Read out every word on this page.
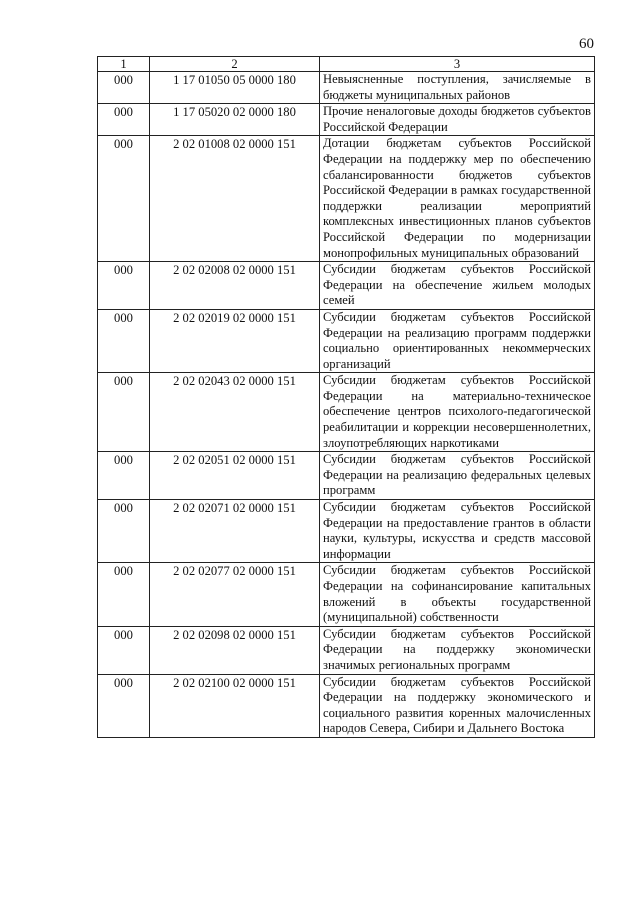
60
1	2	3
000	1 17 01050 05 0000 180	Невыясненные поступления, зачисляемые в бюджеты муниципальных районов
000	1 17 05020 02 0000 180	Прочие неналоговые доходы бюджетов субъектов Российской Федерации
000	2 02 01008 02 0000 151	Дотации бюджетам субъектов Российской Федерации на поддержку мер по обеспечению сбалансированности бюджетов субъектов Российской Федерации в рамках государственной поддержки реализации мероприятий комплексных инвестиционных планов субъектов Российской Федерации по модернизации монопрофильных муниципальных образований
000	2 02 02008 02 0000 151	Субсидии бюджетам субъектов Российской Федерации на обеспечение жильем молодых семей
000	2 02 02019 02 0000 151	Субсидии бюджетам субъектов Российской Федерации на реализацию программ поддержки социально ориентированных некоммерческих организаций
000	2 02 02043 02 0000 151	Субсидии бюджетам субъектов Российской Федерации на материально-техническое обеспечение центров психолого-педагогической реабилитации и коррекции несовершеннолетних, злоупотребляющих наркотиками
000	2 02 02051 02 0000 151	Субсидии бюджетам субъектов Российской Федерации на реализацию федеральных целевых программ
000	2 02 02071 02 0000 151	Субсидии бюджетам субъектов Российской Федерации на предоставление грантов в области науки, культуры, искусства и средств массовой информации
000	2 02 02077 02 0000 151	Субсидии бюджетам субъектов Российской Федерации на софинансирование капитальных вложений в объекты государственной (муниципальной) собственности
000	2 02 02098 02 0000 151	Субсидии бюджетам субъектов Российской Федерации на поддержку экономически значимых региональных программ
000	2 02 02100 02 0000 151	Субсидии бюджетам субъектов Российской Федерации на поддержку экономического и социального развития коренных малочисленных народов Севера, Сибири и Дальнего Востока
